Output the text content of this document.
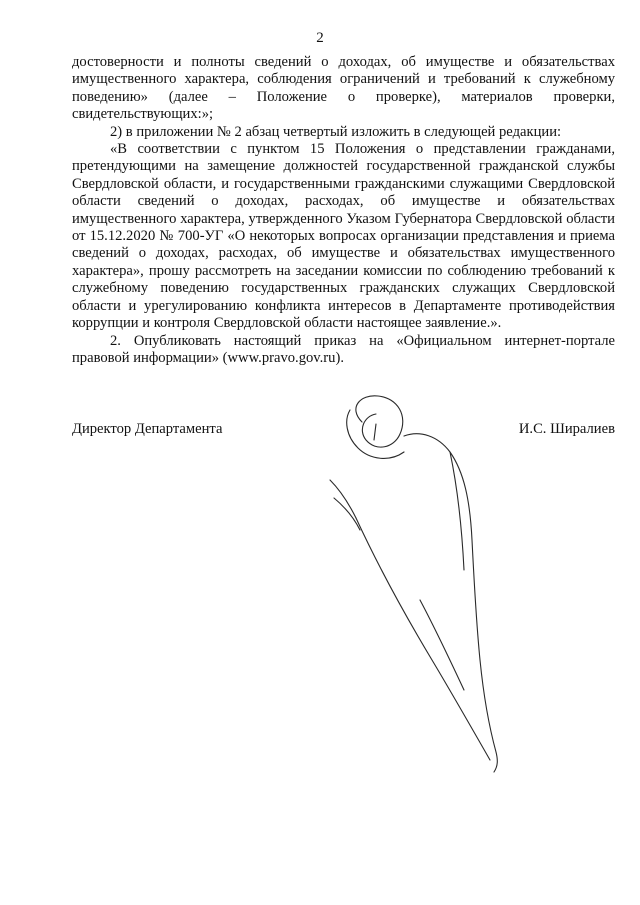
2

достоверности и полноты сведений о доходах, об имуществе и обязательствах имущественного характера, соблюдения ограничений и требований к служебному поведению» (далее – Положение о проверке), материалов проверки, свидетельствующих:»;

2) в приложении № 2 абзац четвертый изложить в следующей редакции:

«В соответствии с пунктом 15 Положения о представлении гражданами, претендующими на замещение должностей государственной гражданской службы Свердловской области, и государственными гражданскими служащими Свердловской области сведений о доходах, расходах, об имуществе и обязательствах имущественного характера, утвержденного Указом Губернатора Свердловской области от 15.12.2020 № 700-УГ «О некоторых вопросах организации представления и приема сведений о доходах, расходах, об имуществе и обязательствах имущественного характера», прошу рассмотреть на заседании комиссии по соблюдению требований к служебному поведению государственных гражданских служащих Свердловской области и урегулированию конфликта интересов в Департаменте противодействия коррупции и контроля Свердловской области настоящее заявление.».

2. Опубликовать настоящий приказ на «Официальном интернет-портале правовой информации» (www.pravo.gov.ru).

Директор Департамента	И.С. Ширалиев
